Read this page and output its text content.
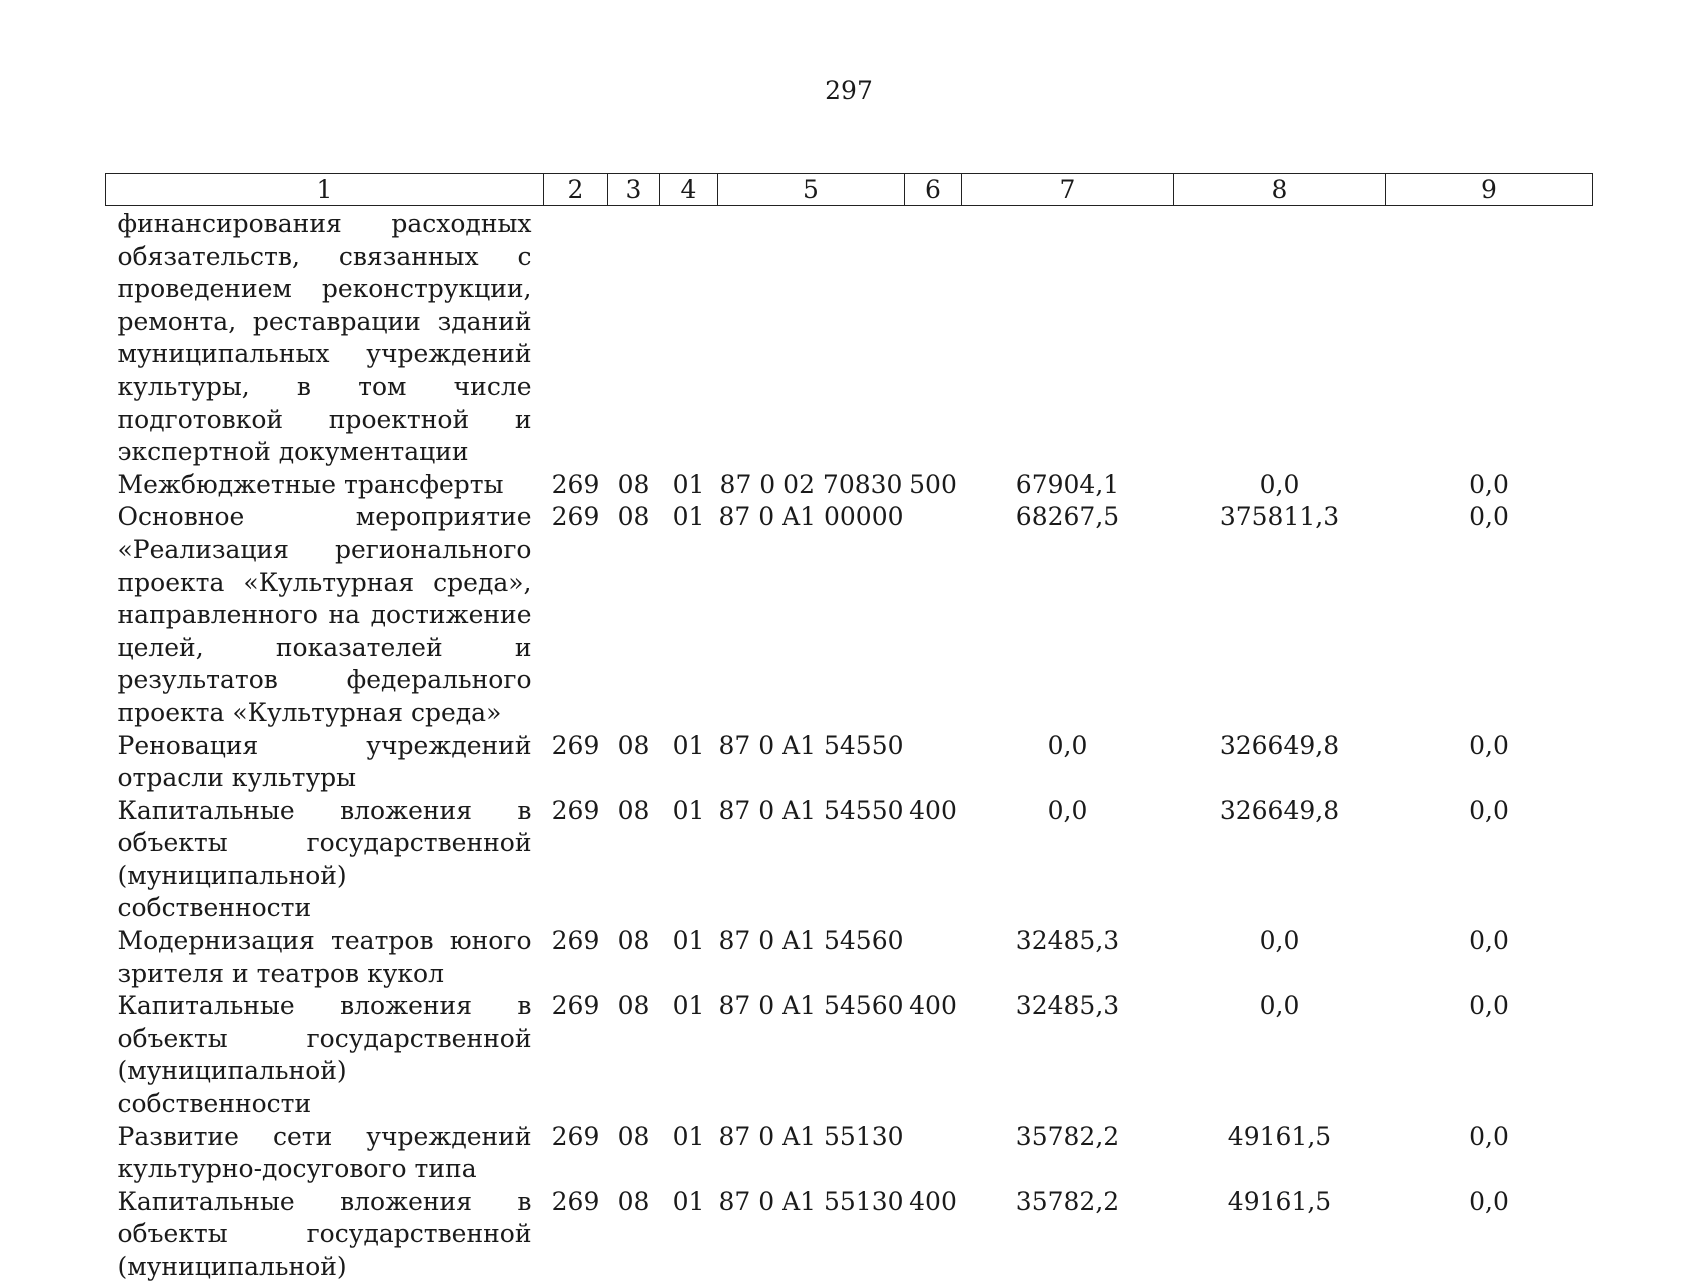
297
1	2	3	4	5	6	7	8	9
финансирования расходных обязательств, связанных с проведением реконструкции, ремонта, реставрации зданий муниципальных учреждений культуры, в том числе подготовкой проектной и экспертной документации								
Межбюджетные трансферты	269	08	01	87 0 02 70830	500	67904,1	0,0	0,0
Основное мероприятие «Реализация регионального проекта «Культурная среда», направленного на достижение целей, показателей и результатов федерального проекта «Культурная среда»	269	08	01	87 0 A1 00000		68267,5	375811,3	0,0
Реновация учреждений отрасли культуры	269	08	01	87 0 A1 54550		0,0	326649,8	0,0
Капитальные вложения в объекты государственной (муниципальной) собственности	269	08	01	87 0 A1 54550	400	0,0	326649,8	0,0
Модернизация театров юного зрителя и театров кукол	269	08	01	87 0 A1 54560		32485,3	0,0	0,0
Капитальные вложения в объекты государственной (муниципальной) собственности	269	08	01	87 0 A1 54560	400	32485,3	0,0	0,0
Развитие сети учреждений культурно-досугового типа	269	08	01	87 0 A1 55130		35782,2	49161,5	0,0
Капитальные вложения в объекты государственной (муниципальной)	269	08	01	87 0 A1 55130	400	35782,2	49161,5	0,0
